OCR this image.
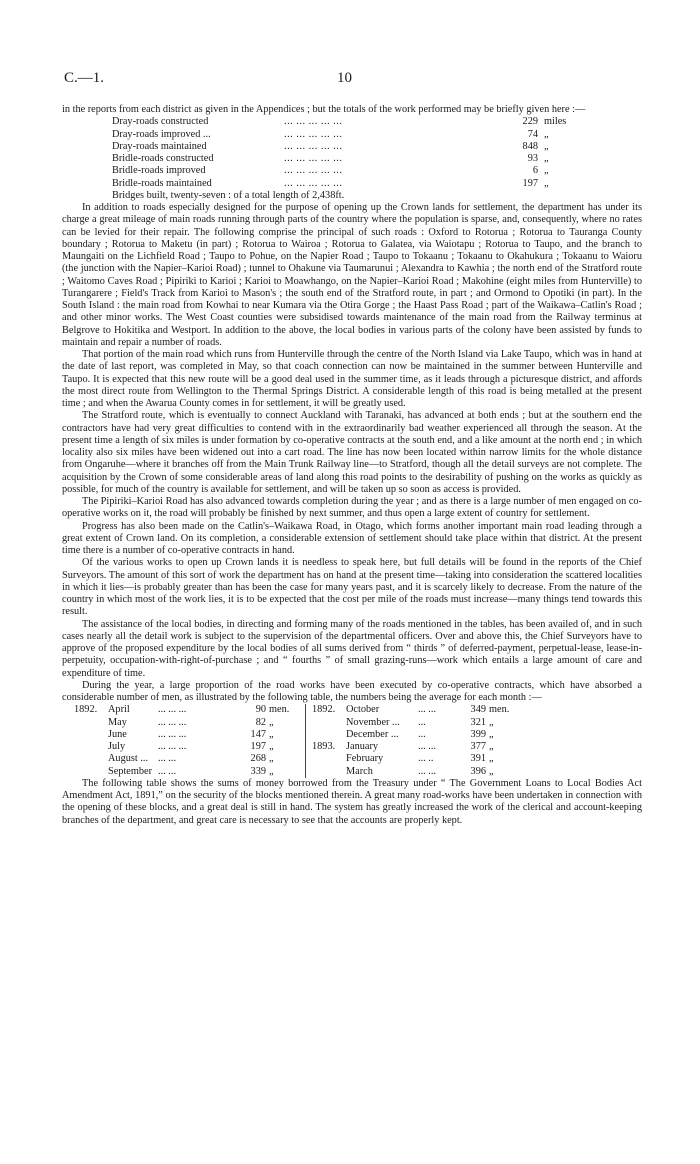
C.—1.	10

in the reports from each district as given in the Appendices ; but the totals of the work performed may be briefly given here :—

Dray-roads constructed	... ... ... ... ...	229	miles
Dray-roads improved ...	... ... ... ... ...	74	„
Dray-roads maintained	... ... ... ... ...	848	„
Bridle-roads constructed	... ... ... ... ...	93	„
Bridle-roads improved	... ... ... ... ...	6	„
Bridle-roads maintained	... ... ... ... ...	197	„

Bridges built, twenty-seven : of a total length of 2,438ft.

In addition to roads especially designed for the purpose of opening up the Crown lands for settlement, the department has under its charge a great mileage of main roads running through parts of the country where the population is sparse, and, consequently, where no rates can be levied for their repair. The following comprise the principal of such roads : Oxford to Rotorua ; Rotorua to Tauranga County boundary ; Rotorua to Maketu (in part) ; Rotorua to Wairoa ; Rotorua to Galatea, via Waiotapu ; Rotorua to Taupo, and the branch to Maungaiti on the Lichfield Road ; Taupo to Pohue, on the Napier Road ; Taupo to Tokaanu ; Tokaanu to Okahukura ; Tokaanu to Waioru (the junction with the Napier–Karioi Road) ; tunnel to Ohakune via Taumarunui ; Alexandra to Kawhia ; the north end of the Stratford route ; Waitomo Caves Road ; Pipiriki to Karioi ; Karioi to Moawhango, on the Napier–Karioi Road ; Makohine (eight miles from Hunterville) to Turangarere ; Field's Track from Karioi to Mason's ; the south end of the Stratford route, in part ; and Ormond to Opotiki (in part). In the South Island : the main road from Kowhai to near Kumara via the Otira Gorge ; the Haast Pass Road ; part of the Waikawa–Catlin's Road ; and other minor works. The West Coast counties were subsidised towards maintenance of the main road from the Railway terminus at Belgrove to Hokitika and Westport. In addition to the above, the local bodies in various parts of the colony have been assisted by funds to maintain and repair a number of roads.

That portion of the main road which runs from Hunterville through the centre of the North Island via Lake Taupo, which was in hand at the date of last report, was completed in May, so that coach connection can now be maintained in the summer between Hunterville and Taupo. It is expected that this new route will be a good deal used in the summer time, as it leads through a picturesque district, and affords the most direct route from Wellington to the Thermal Springs District. A considerable length of this road is being metalled at the present time ; and when the Awarua County comes in for settlement, it will be greatly used.

The Stratford route, which is eventually to connect Auckland with Taranaki, has advanced at both ends ; but at the southern end the contractors have had very great difficulties to contend with in the extraordinarily bad weather experienced all through the season. At the present time a length of six miles is under formation by co-operative contracts at the south end, and a like amount at the north end ; in which locality also six miles have been widened out into a cart road. The line has now been located within narrow limits for the whole distance from Ongaruhe—where it branches off from the Main Trunk Railway line—to Stratford, though all the detail surveys are not complete. The acquisition by the Crown of some considerable areas of land along this road points to the desirability of pushing on the works as quickly as possible, for much of the country is available for settlement, and will be taken up so soon as access is provided.

The Pipiriki–Karioi Road has also advanced towards completion during the year ; and as there is a large number of men engaged on co-operative works on it, the road will probably be finished by next summer, and thus open a large extent of country for settlement.

Progress has also been made on the Catlin's–Waikawa Road, in Otago, which forms another important main road leading through a great extent of Crown land. On its completion, a considerable extension of settlement should take place within that district. At the present time there is a number of co-operative contracts in hand.

Of the various works to open up Crown lands it is needless to speak here, but full details will be found in the reports of the Chief Surveyors. The amount of this sort of work the department has on hand at the present time—taking into consideration the scattered localities in which it lies—is probably greater than has been the case for many years past, and it is scarcely likely to decrease. From the nature of the country in which most of the work lies, it is to be expected that the cost per mile of the roads must increase—many things tend towards this result.

The assistance of the local bodies, in directing and forming many of the roads mentioned in the tables, has been availed of, and in such cases nearly all the detail work is subject to the supervision of the departmental officers. Over and above this, the Chief Surveyors have to approve of the proposed expenditure by the local bodies of all sums derived from “ thirds ” of deferred-payment, perpetual-lease, lease-in-perpetuity, occupation-with-right-of-purchase ; and “ fourths ” of small grazing-runs—work which entails a large amount of care and expenditure of time.

During the year, a large proportion of the road works have been executed by co-operative contracts, which have absorbed a considerable number of men, as illustrated by the following table, the numbers being the average for each month :—

1892.	April	... ... ...	90	men.		1892.	October	... ...	349	men.
	May	... ... ...	82	„			November ...	...	321	„
	June	... ... ...	147	„			December ...	...	399	„
	July	... ... ...	197	„		1893.	January	... ...	377	„
	August ...	... ...	268	„			February	... ..	391	„
	September	... ...	339	„			March	... ...	396	„

The following table shows the sums of money borrowed from the Treasury under “ The Government Loans to Local Bodies Act Amendment Act, 1891,” on the security of the blocks mentioned therein. A great many road-works have been undertaken in connection with the opening of these blocks, and a great deal is still in hand. The system has greatly increased the work of the clerical and account-keeping branches of the department, and great care is necessary to see that the accounts are properly kept.
